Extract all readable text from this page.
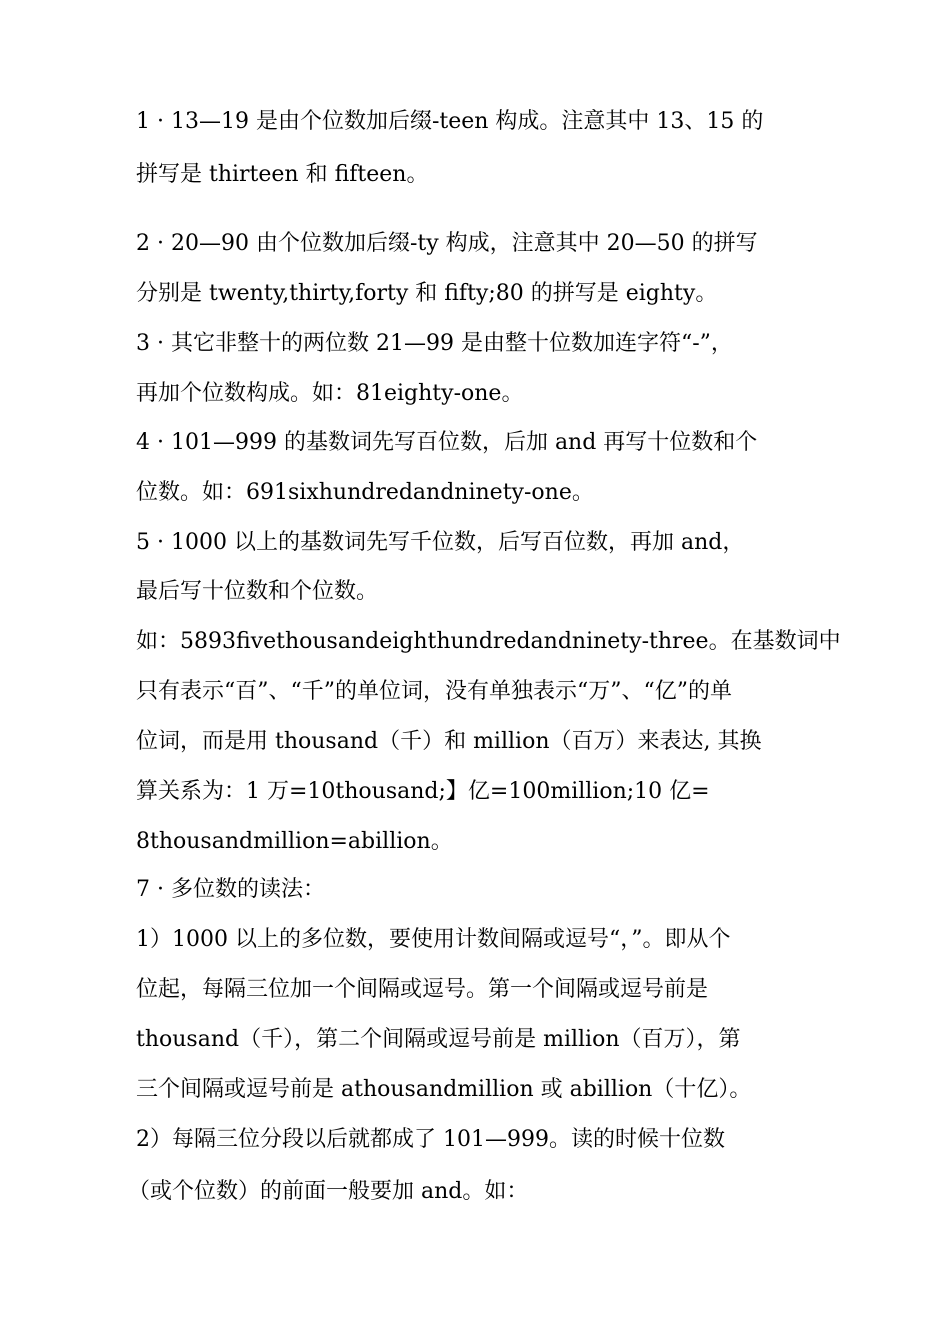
1 · 13—19 是由个位数加后缀-teen 构成。注意其中 13、15 的
拼写是 thirteen 和 fifteen。
2 · 20—90 由个位数加后缀-ty 构成，注意其中 20—50 的拼写
分别是 twenty,thirty,forty 和 fifty;80 的拼写是 eighty。
3 · 其它非整十的两位数 21—99 是由整十位数加连字符“-”，
再加个位数构成。如：81eighty-one。
4 · 101—999 的基数词先写百位数，后加 and 再写十位数和个
位数。如：691sixhundredandninety-one。
5 · 1000 以上的基数词先写千位数，后写百位数，再加 and，
最后写十位数和个位数。
如：5893fivethousandeighthundredandninety-three。在基数词中
只有表示“百”、“千”的单位词，没有单独表示“万”、“亿”的单
位词，而是用 thousand（千）和 million（百万）来表达, 其换
算关系为：1 万=10thousand;】亿=100million;10 亿=
8thousandmillion=abillion。
7 · 多位数的读法：
1）1000 以上的多位数，要使用计数间隔或逗号“，”。即从个
位起，每隔三位加一个间隔或逗号。第一个间隔或逗号前是
thousand（千），第二个间隔或逗号前是 million（百万），第
三个间隔或逗号前是 athousandmillion 或 abillion（十亿）。
2）每隔三位分段以后就都成了 101—999。读的时候十位数
（或个位数）的前面一般要加 and。如：
